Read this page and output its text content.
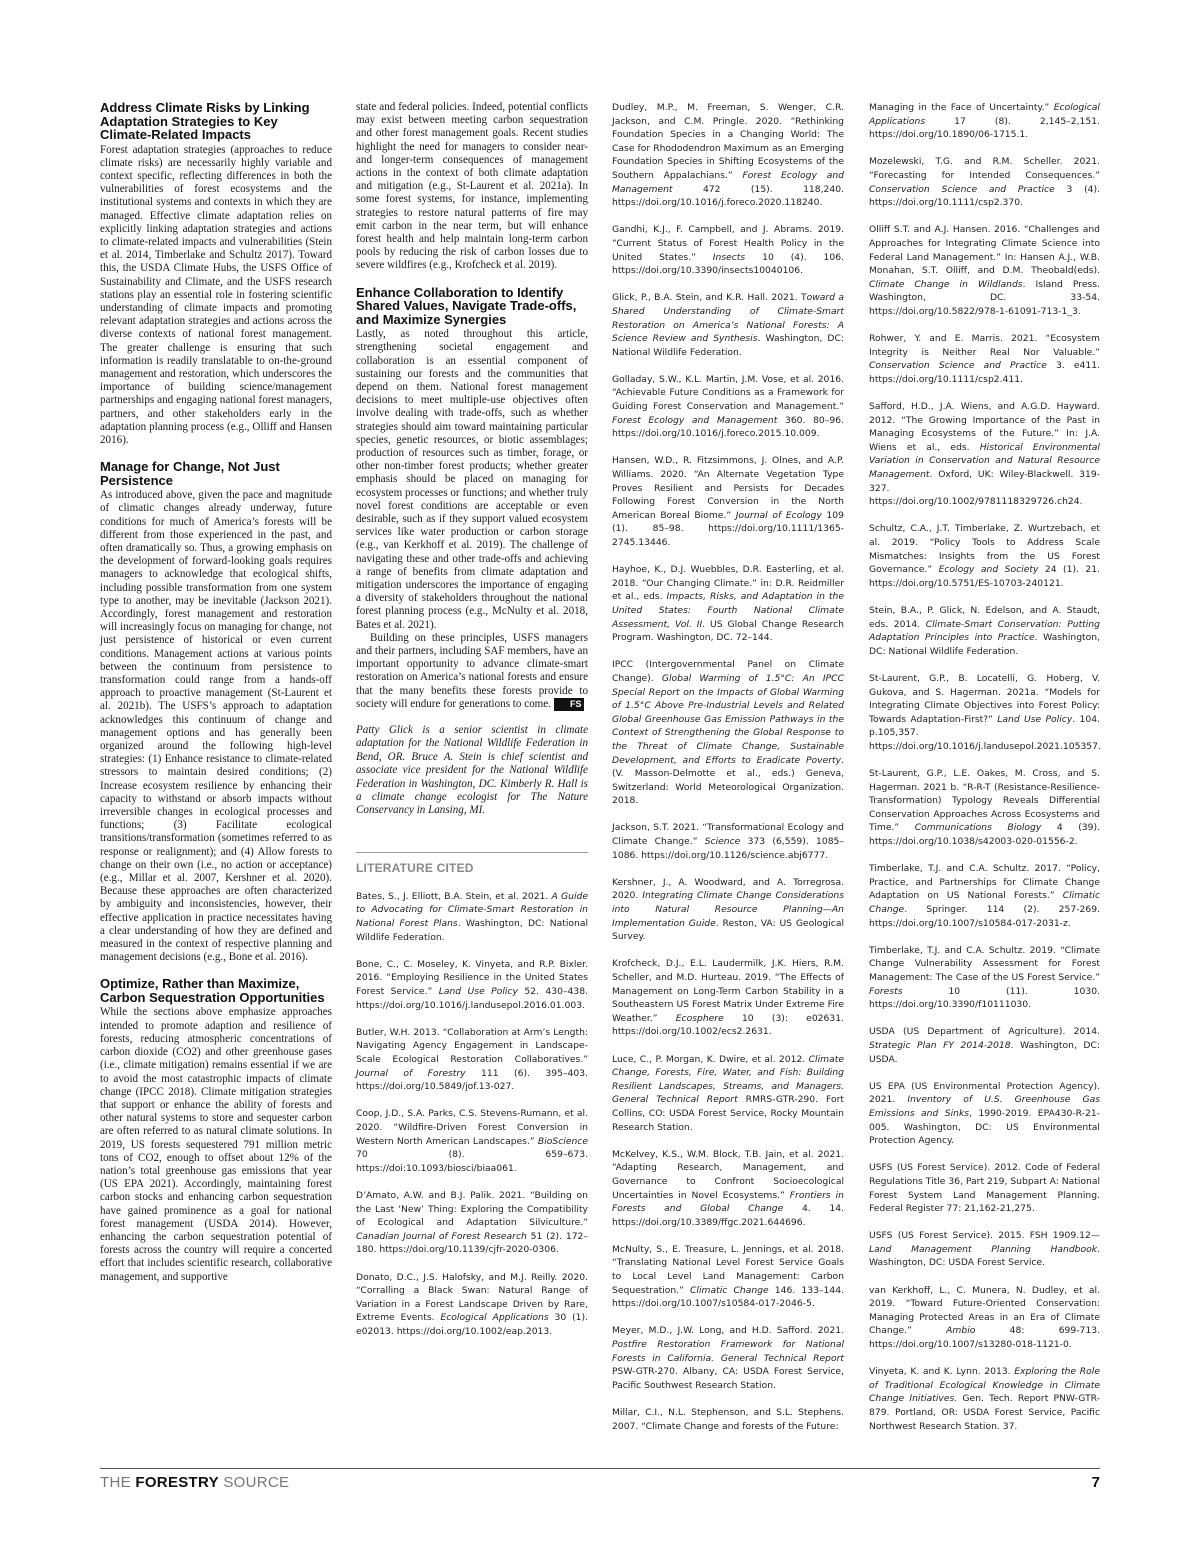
Address Climate Risks by Linking Adaptation Strategies to Key Climate-Related Impacts

Forest adaptation strategies (approaches to reduce climate risks) are necessarily highly variable and context specific, reflecting differences in both the vulnerabilities of forest ecosystems and the institutional systems and contexts in which they are managed. Effective climate adaptation relies on explicitly linking adaptation strategies and actions to climate-related impacts and vulnerabilities (Stein et al. 2014, Timberlake and Schultz 2017). Toward this, the USDA Climate Hubs, the USFS Office of Sustainability and Climate, and the USFS research stations play an essential role in fostering scientific understanding of climate impacts and promoting relevant adaptation strategies and actions across the diverse contexts of national forest management. The greater challenge is ensuring that such information is readily translatable to on-the-ground management and restoration, which underscores the importance of building science/management partnerships and engaging national forest managers, partners, and other stakeholders early in the adaptation planning process (e.g., Olliff and Hansen 2016).

Manage for Change, Not Just Persistence

As introduced above, given the pace and magnitude of climatic changes already underway, future conditions for much of America’s forests will be different from those experienced in the past, and often dramatically so. Thus, a growing emphasis on the development of forward-looking goals requires managers to acknowledge that ecological shifts, including possible transformation from one system type to another, may be inevitable (Jackson 2021). Accordingly, forest management and restoration will increasingly focus on managing for change, not just persistence of historical or even current conditions. Management actions at various points between the continuum from persistence to transformation could range from a hands-off approach to proactive management (St-Laurent et al. 2021b). The USFS’s approach to adaptation acknowledges this continuum of change and management options and has generally been organized around the following high-level strategies: (1) Enhance resistance to climate-related stressors to maintain desired conditions; (2) Increase ecosystem resilience by enhancing their capacity to withstand or absorb impacts without irreversible changes in ecological processes and functions; (3) Facilitate ecological transitions/transformation (sometimes referred to as response or realignment); and (4) Allow forests to change on their own (i.e., no action or acceptance) (e.g., Millar et al. 2007, Kershner et al. 2020). Because these approaches are often characterized by ambiguity and inconsistencies, however, their effective application in practice necessitates having a clear understanding of how they are defined and measured in the context of respective planning and management decisions (e.g., Bone et al. 2016).

Optimize, Rather than Maximize, Carbon Sequestration Opportunities

While the sections above emphasize approaches intended to promote adaption and resilience of forests, reducing atmospheric concentrations of carbon dioxide (CO2) and other greenhouse gases (i.e., climate mitigation) remains essential if we are to avoid the most catastrophic impacts of climate change (IPCC 2018). Climate mitigation strategies that support or enhance the ability of forests and other natural systems to store and sequester carbon are often referred to as natural climate solutions. In 2019, US forests sequestered 791 million metric tons of CO2, enough to offset about 12% of the nation’s total greenhouse gas emissions that year (US EPA 2021). Accordingly, maintaining forest carbon stocks and enhancing carbon sequestration have gained prominence as a goal for national forest management (USDA 2014). However, enhancing the carbon sequestration potential of forests across the country will require a concerted effort that includes scientific research, collaborative management, and supportive

state and federal policies. Indeed, potential conflicts may exist between meeting carbon sequestration and other forest management goals. Recent studies highlight the need for managers to consider near- and longer-term consequences of management actions in the context of both climate adaptation and mitigation (e.g., St-Laurent et al. 2021a). In some forest systems, for instance, implementing strategies to restore natural patterns of fire may emit carbon in the near term, but will enhance forest health and help maintain long-term carbon pools by reducing the risk of carbon losses due to severe wildfires (e.g., Krofcheck et al. 2019).

Enhance Collaboration to Identify Shared Values, Navigate Trade-offs, and Maximize Synergies

Lastly, as noted throughout this article, strengthening societal engagement and collaboration is an essential component of sustaining our forests and the communities that depend on them. National forest management decisions to meet multiple-use objectives often involve dealing with trade-offs, such as whether strategies should aim toward maintaining particular species, genetic resources, or biotic assemblages; production of resources such as timber, forage, or other non-timber forest products; whether greater emphasis should be placed on managing for ecosystem processes or functions; and whether truly novel forest conditions are acceptable or even desirable, such as if they support valued ecosystem services like water production or carbon storage (e.g., van Kerkhoff et al. 2019). The challenge of navigating these and other trade-offs and achieving a range of benefits from climate adaptation and mitigation underscores the importance of engaging a diversity of stakeholders throughout the national forest planning process (e.g., McNulty et al. 2018, Bates et al. 2021).

Building on these principles, USFS managers and their partners, including SAF members, have an important opportunity to advance climate-smart restoration on America’s national forests and ensure that the many benefits these forests provide to society will endure for generations to come. FS

Patty Glick is a senior scientist in climate adaptation for the National Wildlife Federation in Bend, OR. Bruce A. Stein is chief scientist and associate vice president for the National Wildlife Federation in Washington, DC. Kimberly R. Hall is a climate change ecologist for The Nature Conservancy in Lansing, MI.

LITERATURE CITED

Bates, S., J. Elliott, B.A. Stein, et al. 2021. A Guide to Advocating for Climate-Smart Restoration in National Forest Plans. Washington, DC: National Wildlife Federation.

Bone, C., C. Moseley, K. Vinyeta, and R.P. Bixler. 2016. “Employing Resilience in the United States Forest Service.” Land Use Policy 52. 430–438. https://doi.org/10.1016/j.landusepol.2016.01.003.

Butler, W.H. 2013. “Collaboration at Arm’s Length: Navigating Agency Engagement in Landscape-Scale Ecological Restoration Collaboratives.” Journal of Forestry 111 (6). 395–403. https://doi.org/10.5849/jof.13-027.

Coop, J.D., S.A. Parks, C.S. Stevens-Rumann, et al. 2020. “Wildfire-Driven Forest Conversion in Western North American Landscapes.” BioScience 70 (8). 659–673. https://doi:10.1093/biosci/biaa061.

D’Amato, A.W. and B.J. Palik. 2021. “Building on the Last ‘New’ Thing: Exploring the Compatibility of Ecological and Adaptation Silviculture.” Canadian Journal of Forest Research 51 (2). 172–180. https://doi.org/10.1139/cjfr-2020-0306.

Donato, D.C., J.S. Halofsky, and M.J. Reilly. 2020. “Corralling a Black Swan: Natural Range of Variation in a Forest Landscape Driven by Rare, Extreme Events. Ecological Applications 30 (1). e02013. https://doi.org/10.1002/eap.2013.

Dudley, M.P., M. Freeman, S. Wenger, C.R. Jackson, and C.M. Pringle. 2020. “Rethinking Foundation Species in a Changing World: The Case for Rhododendron Maximum as an Emerging Foundation Species in Shifting Ecosystems of the Southern Appalachians.” Forest Ecology and Management 472 (15). 118,240. https://doi.org/10.1016/j.foreco.2020.118240.

Gandhi, K.J., F. Campbell, and J. Abrams. 2019. “Current Status of Forest Health Policy in the United States.” Insects 10 (4). 106. https://doi.org/10.3390/insects10040106.

Glick, P., B.A. Stein, and K.R. Hall. 2021. Toward a Shared Understanding of Climate-Smart Restoration on America’s National Forests: A Science Review and Synthesis. Washington, DC: National Wildlife Federation.

Golladay, S.W., K.L. Martin, J.M. Vose, et al. 2016. “Achievable Future Conditions as a Framework for Guiding Forest Conservation and Management.” Forest Ecology and Management 360. 80–96. https://doi.org/10.1016/j.foreco.2015.10.009.

Hansen, W.D., R. Fitzsimmons, J. Olnes, and A.P. Williams. 2020. “An Alternate Vegetation Type Proves Resilient and Persists for Decades Following Forest Conversion in the North American Boreal Biome.” Journal of Ecology 109 (1). 85–98. https://doi.org/10.1111/1365-2745.13446.

Hayhoe, K., D.J. Wuebbles, D.R. Easterling, et al. 2018. “Our Changing Climate.” in: D.R. Reidmiller et al., eds. Impacts, Risks, and Adaptation in the United States: Fourth National Climate Assessment, Vol. II. US Global Change Research Program. Washington, DC. 72–144.

IPCC (Intergovernmental Panel on Climate Change). Global Warming of 1.5°C: An IPCC Special Report on the Impacts of Global Warming of 1.5°C Above Pre-Industrial Levels and Related Global Greenhouse Gas Emission Pathways in the Context of Strengthening the Global Response to the Threat of Climate Change, Sustainable Development, and Efforts to Eradicate Poverty. (V. Masson-Delmotte et al., eds.) Geneva, Switzerland: World Meteorological Organization. 2018.

Jackson, S.T. 2021. “Transformational Ecology and Climate Change.” Science 373 (6,559). 1085–1086. https://doi.org/10.1126/science.abj6777.

Kershner, J., A. Woodward, and A. Torregrosa. 2020. Integrating Climate Change Considerations into Natural Resource Planning—An Implementation Guide. Reston, VA: US Geological Survey.

Krofcheck, D.J., E.L. Laudermilk, J.K. Hiers, R.M. Scheller, and M.D. Hurteau. 2019. “The Effects of Management on Long-Term Carbon Stability in a Southeastern US Forest Matrix Under Extreme Fire Weather.” Ecosphere 10 (3): e02631. https://doi.org/10.1002/ecs2.2631.

Luce, C., P. Morgan, K. Dwire, et al. 2012. Climate Change, Forests, Fire, Water, and Fish: Building Resilient Landscapes, Streams, and Managers. General Technical Report RMRS-GTR-290. Fort Collins, CO: USDA Forest Service, Rocky Mountain Research Station.

McKelvey, K.S., W.M. Block, T.B. Jain, et al. 2021. “Adapting Research, Management, and Governance to Confront Socioecological Uncertainties in Novel Ecosystems.” Frontiers in Forests and Global Change 4. 14. https://doi.org/10.3389/ffgc.2021.644696.

McNulty, S., E. Treasure, L. Jennings, et al. 2018. “Translating National Level Forest Service Goals to Local Level Land Management: Carbon Sequestration.” Climatic Change 146. 133–144. https://doi.org/10.1007/s10584-017-2046-5.

Meyer, M.D., J.W. Long, and H.D. Safford. 2021. Postfire Restoration Framework for National Forests in California. General Technical Report PSW-GTR-270. Albany, CA: USDA Forest Service, Pacific Southwest Research Station.

Millar, C.I., N.L. Stephenson, and S.L. Stephens. 2007. “Climate Change and forests of the Future:

Managing in the Face of Uncertainty.” Ecological Applications 17 (8). 2,145–2,151. https://doi.org/10.1890/06-1715.1.

Mozelewski, T.G. and R.M. Scheller. 2021. “Forecasting for Intended Consequences.” Conservation Science and Practice 3 (4). https://doi.org/10.1111/csp2.370.

Olliff S.T. and A.J. Hansen. 2016. “Challenges and Approaches for Integrating Climate Science into Federal Land Management.” In: Hansen A.J., W.B. Monahan, S.T. Olliff, and D.M. Theobald(eds). Climate Change in Wildlands. Island Press. Washington, DC. 33-54. https://doi.org/10.5822/978-1-61091-713-1_3.

Rohwer, Y. and E. Marris. 2021. “Ecosystem Integrity is Neither Real Nor Valuable.” Conservation Science and Practice 3. e411. https://doi.org/10.1111/csp2.411.

Safford, H.D., J.A. Wiens, and A.G.D. Hayward. 2012. “The Growing Importance of the Past in Managing Ecosystems of the Future.” In: J.A. Wiens et al., eds. Historical Environmental Variation in Conservation and Natural Resource Management. Oxford, UK: Wiley-Blackwell. 319-327. https://doi.org/10.1002/9781118329726.ch24.

Schultz, C.A., J.T. Timberlake, Z. Wurtzebach, et al. 2019. “Policy Tools to Address Scale Mismatches: Insights from the US Forest Governance.” Ecology and Society 24 (1). 21. https://doi.org/10.5751/ES-10703-240121.

Stein, B.A., P. Glick, N. Edelson, and A. Staudt, eds. 2014. Climate-Smart Conservation: Putting Adaptation Principles into Practice. Washington, DC: National Wildlife Federation.

St-Laurent, G.P., B. Locatelli, G. Hoberg, V. Gukova, and S. Hagerman. 2021a. “Models for Integrating Climate Objectives into Forest Policy: Towards Adaptation-First?” Land Use Policy. 104. p.105,357. https://doi.org/10.1016/j.landusepol.2021.105357.

St-Laurent, G.P., L.E. Oakes, M. Cross, and S. Hagerman. 2021 b. “R-R-T (Resistance-Resilience-Transformation) Typology Reveals Differential Conservation Approaches Across Ecosystems and Time.” Communications Biology 4 (39). https://doi.org/10.1038/s42003-020-01556-2.

Timberlake, T.J. and C.A. Schultz. 2017. “Policy, Practice, and Partnerships for Climate Change Adaptation on US National Forests.” Climatic Change. Springer. 114 (2). 257-269. https://doi.org/10.1007/s10584-017-2031-z.

Timberlake, T.J. and C.A. Schultz. 2019. “Climate Change Vulnerability Assessment for Forest Management: The Case of the US Forest Service.” Forests 10 (11). 1030. https://doi.org/10.3390/f10111030.

USDA (US Department of Agriculture). 2014. Strategic Plan FY 2014-2018. Washington, DC: USDA.

US EPA (US Environmental Protection Agency). 2021. Inventory of U.S. Greenhouse Gas Emissions and Sinks, 1990-2019. EPA430-R-21-005. Washington, DC: US Environmental Protection Agency.

USFS (US Forest Service). 2012. Code of Federal Regulations Title 36, Part 219, Subpart A: National Forest System Land Management Planning. Federal Register 77: 21,162-21,275.

USFS (US Forest Service). 2015. FSH 1909.12—Land Management Planning Handbook. Washington, DC: USDA Forest Service.

van Kerkhoff, L., C. Munera, N. Dudley, et al. 2019. “Toward Future-Oriented Conservation: Managing Protected Areas in an Era of Climate Change.” Ambio 48: 699-713. https://doi.org/10.1007/s13280-018-1121-0.

Vinyeta, K. and K. Lynn. 2013. Exploring the Role of Traditional Ecological Knowledge in Climate Change Initiatives. Gen. Tech. Report PNW-GTR-879. Portland, OR: USDA Forest Service, Pacific Northwest Research Station. 37.

THE FORESTRY SOURCE	7
